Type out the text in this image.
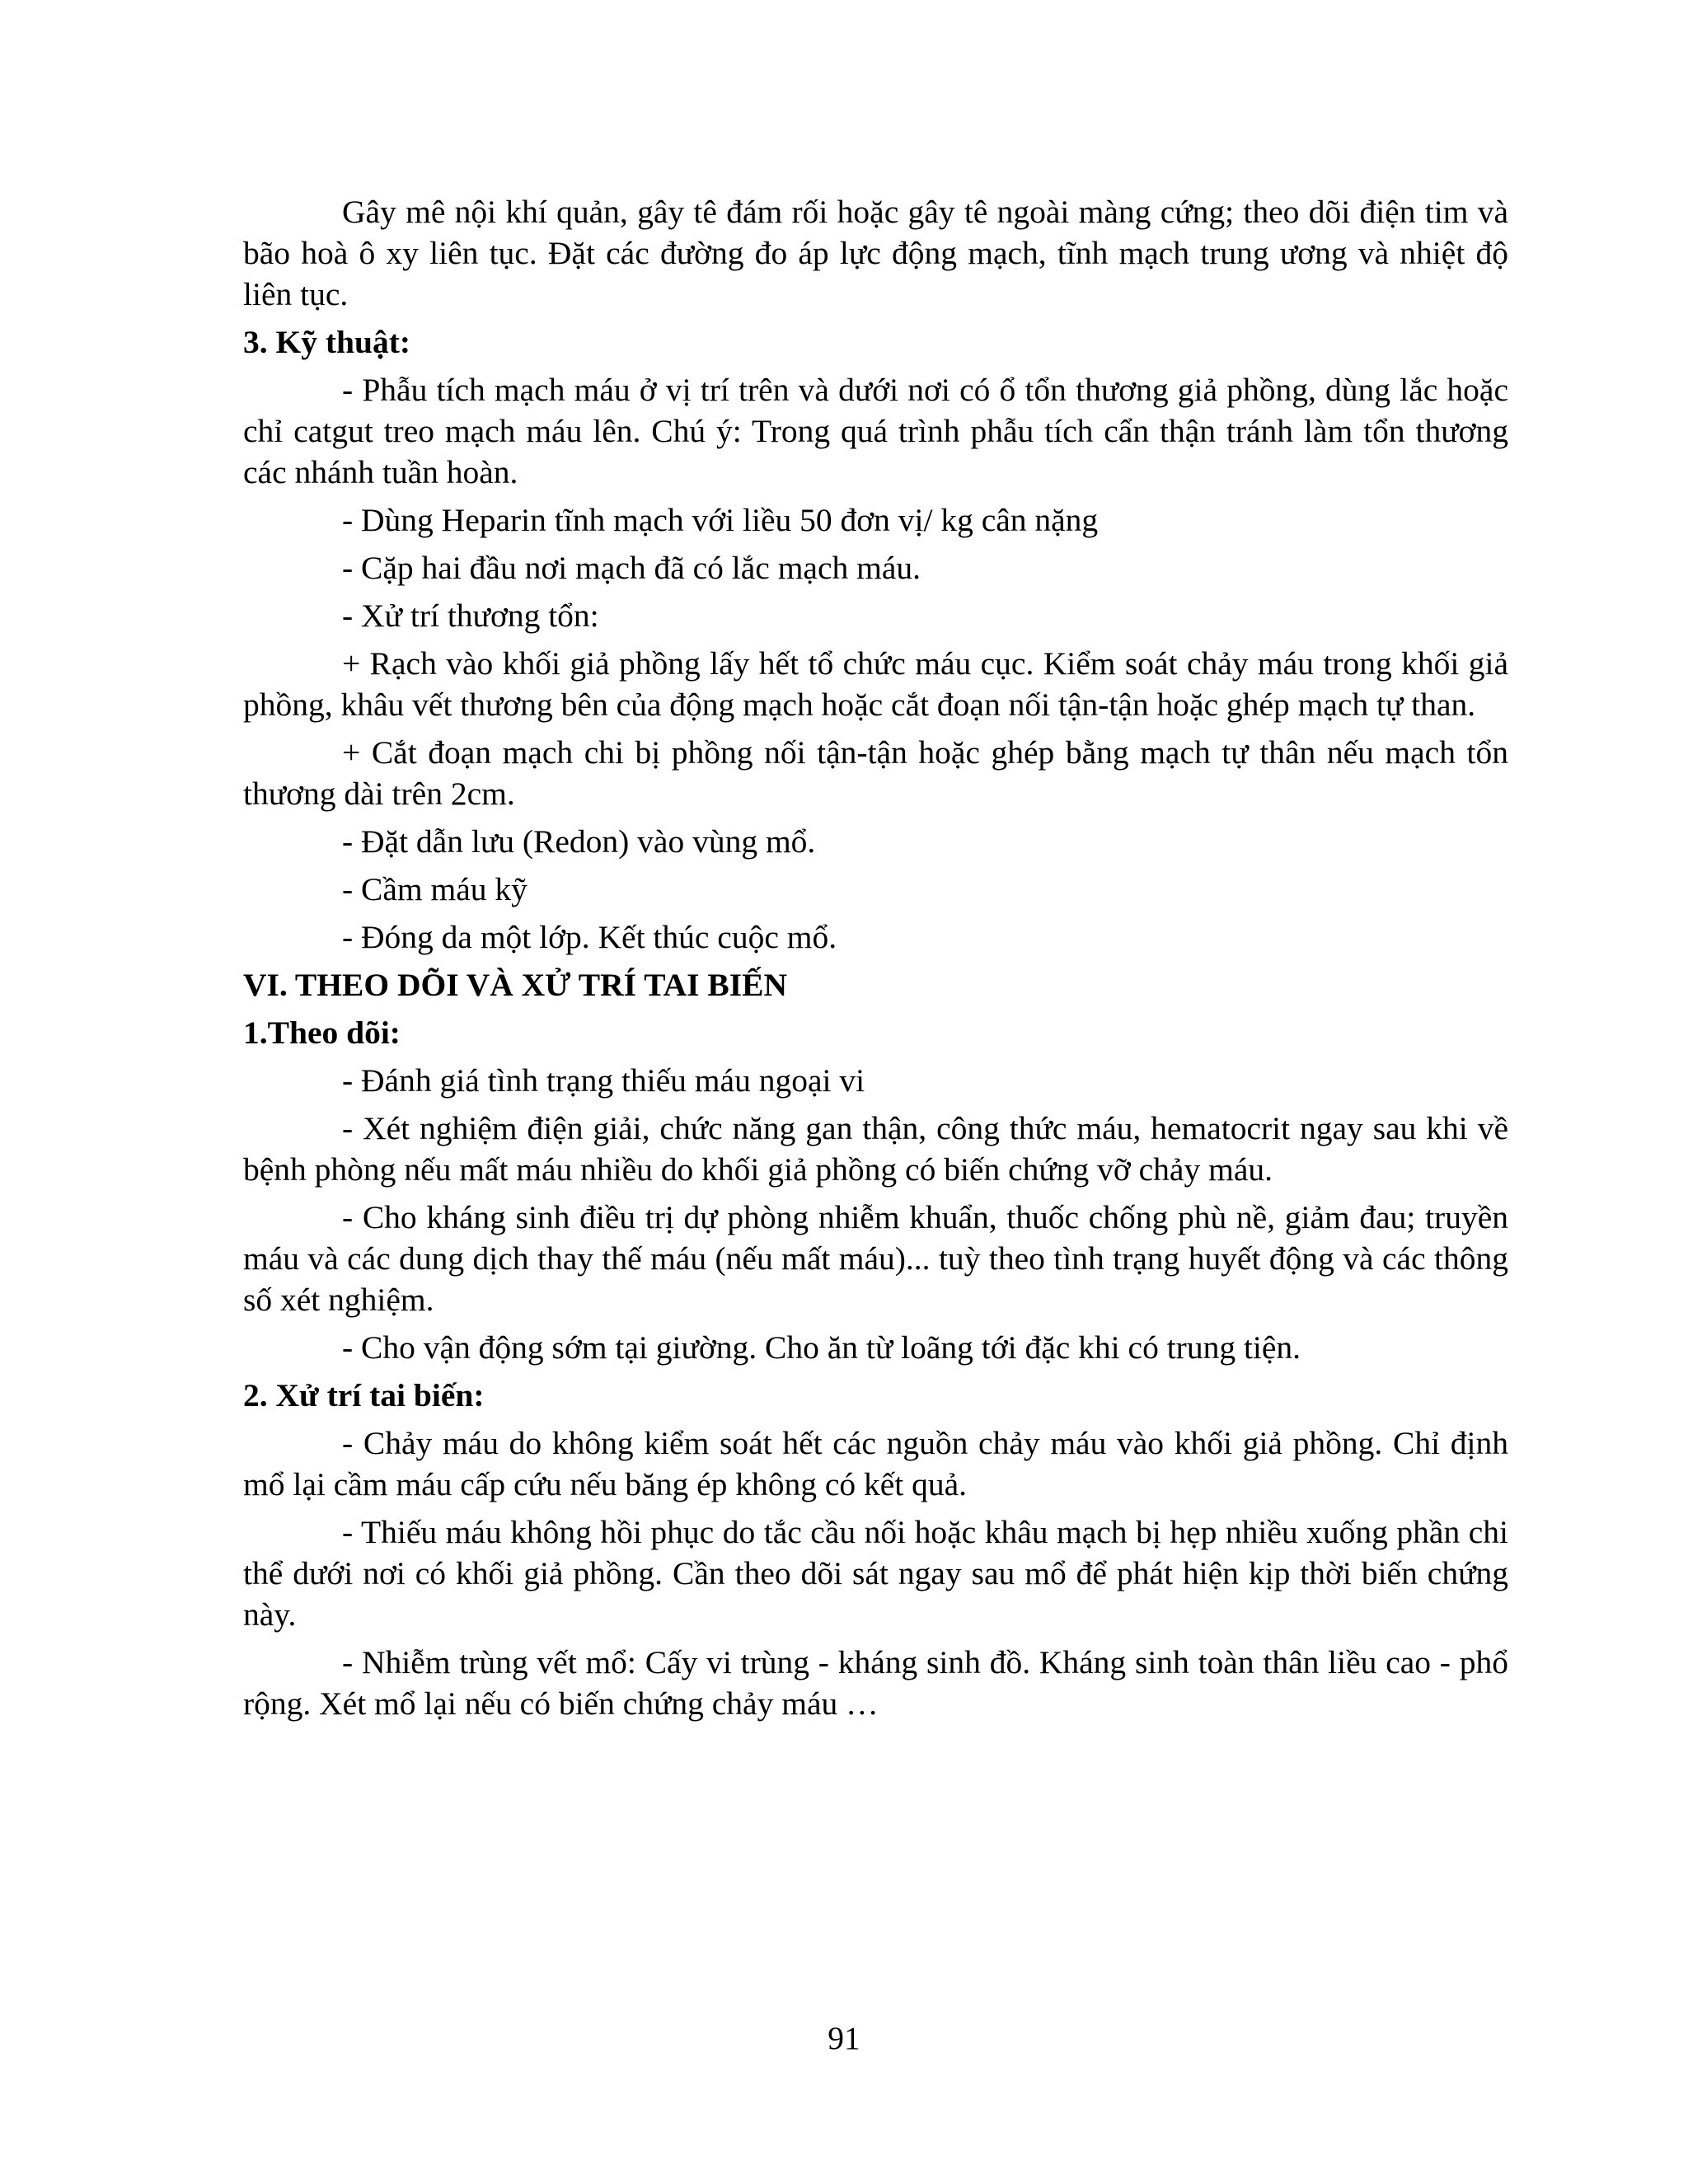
Gây mê nội khí quản, gây tê đám rối hoặc gây tê ngoài màng cứng; theo dõi điện tim và bão hoà ô xy liên tục. Đặt các đường đo áp lực động mạch, tĩnh mạch trung ương và nhiệt độ liên tục.

3. Kỹ thuật:

- Phẫu tích mạch máu ở vị trí trên và dưới nơi có ổ tổn thương giả phồng, dùng lắc hoặc chỉ catgut treo mạch máu lên. Chú ý: Trong quá trình phẫu tích cẩn thận tránh làm tổn thương các nhánh tuần hoàn.

- Dùng Heparin tĩnh mạch với liều 50 đơn vị/ kg cân nặng

- Cặp hai đầu nơi mạch đã có lắc mạch máu.

- Xử trí thương tổn:

+ Rạch vào khối giả phồng lấy hết tổ chức máu cục. Kiểm soát chảy máu trong khối giả phồng, khâu vết thương bên của động mạch hoặc cắt đoạn nối tận-tận hoặc ghép mạch tự than.

+ Cắt đoạn mạch chi bị phồng nối tận-tận hoặc ghép bằng mạch tự thân nếu mạch tổn thương dài trên 2cm.

- Đặt dẫn lưu (Redon) vào vùng mổ.

- Cầm máu kỹ

- Đóng da một lớp. Kết thúc cuộc mổ.

VI. THEO DÕI VÀ XỬ TRÍ TAI BIẾN

1.Theo dõi:

- Đánh giá tình trạng thiếu máu ngoại vi

- Xét nghiệm điện giải, chức năng gan thận, công thức máu, hematocrit ngay sau khi về bệnh phòng nếu mất máu nhiều do khối giả phồng có biến chứng vỡ chảy máu.

- Cho kháng sinh điều trị dự phòng nhiễm khuẩn, thuốc chống phù nề, giảm đau; truyền máu và các dung dịch thay thế máu (nếu mất máu)... tuỳ theo tình trạng huyết động và các thông số xét nghiệm.

- Cho vận động sớm tại giường. Cho ăn từ loãng tới đặc khi có trung tiện.

2. Xử trí tai biến:

- Chảy máu do không kiểm soát hết các nguồn chảy máu vào khối giả phồng. Chỉ định mổ lại cầm máu cấp cứu nếu băng ép không có kết quả.

- Thiếu máu không hồi phục do tắc cầu nối hoặc khâu mạch bị hẹp nhiều xuống phần chi thể dưới nơi có khối giả phồng. Cần theo dõi sát ngay sau mổ để phát hiện kịp thời biến chứng này.

- Nhiễm trùng vết mổ: Cấy vi trùng - kháng sinh đồ. Kháng sinh toàn thân liều cao - phổ rộng. Xét mổ lại nếu có biến chứng chảy máu …

91
